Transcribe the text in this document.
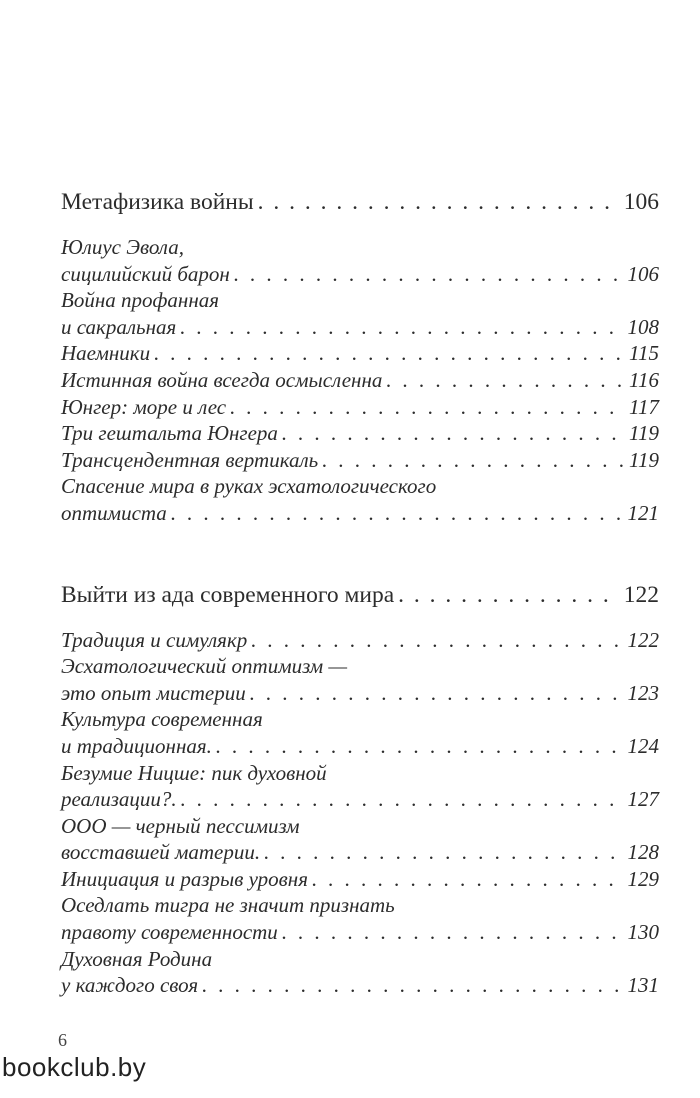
Метафизика войны . . .	106
Юлиус Эвола,
сицилийский барон . . .	106
Война профанная
и сакральная . . .	108
Наемники . . .	115
Истинная война всегда осмысленна . . .	116
Юнгер: море и лес . . .	117
Три гештальта Юнгера . . .	119
Трансцендентная вертикаль . . .	119
Спасение мира в руках эсхатологического
оптимиста . . .	121
Выйти из ада современного мира . . .	122
Традиция и симулякр . . .	122
Эсхатологический оптимизм —
это опыт мистерии . . .	123
Культура современная
и традиционная. . . .	124
Безумие Ницше: пик духовной
реализации?. . . .	127
ООО — черный пессимизм
восставшей материи. . . .	128
Инициация и разрыв уровня . . .	129
Оседлать тигра не значит признать
правоту современности . . .	130
Духовная Родина
у каждого своя . . .	131
6
bookclub.by
